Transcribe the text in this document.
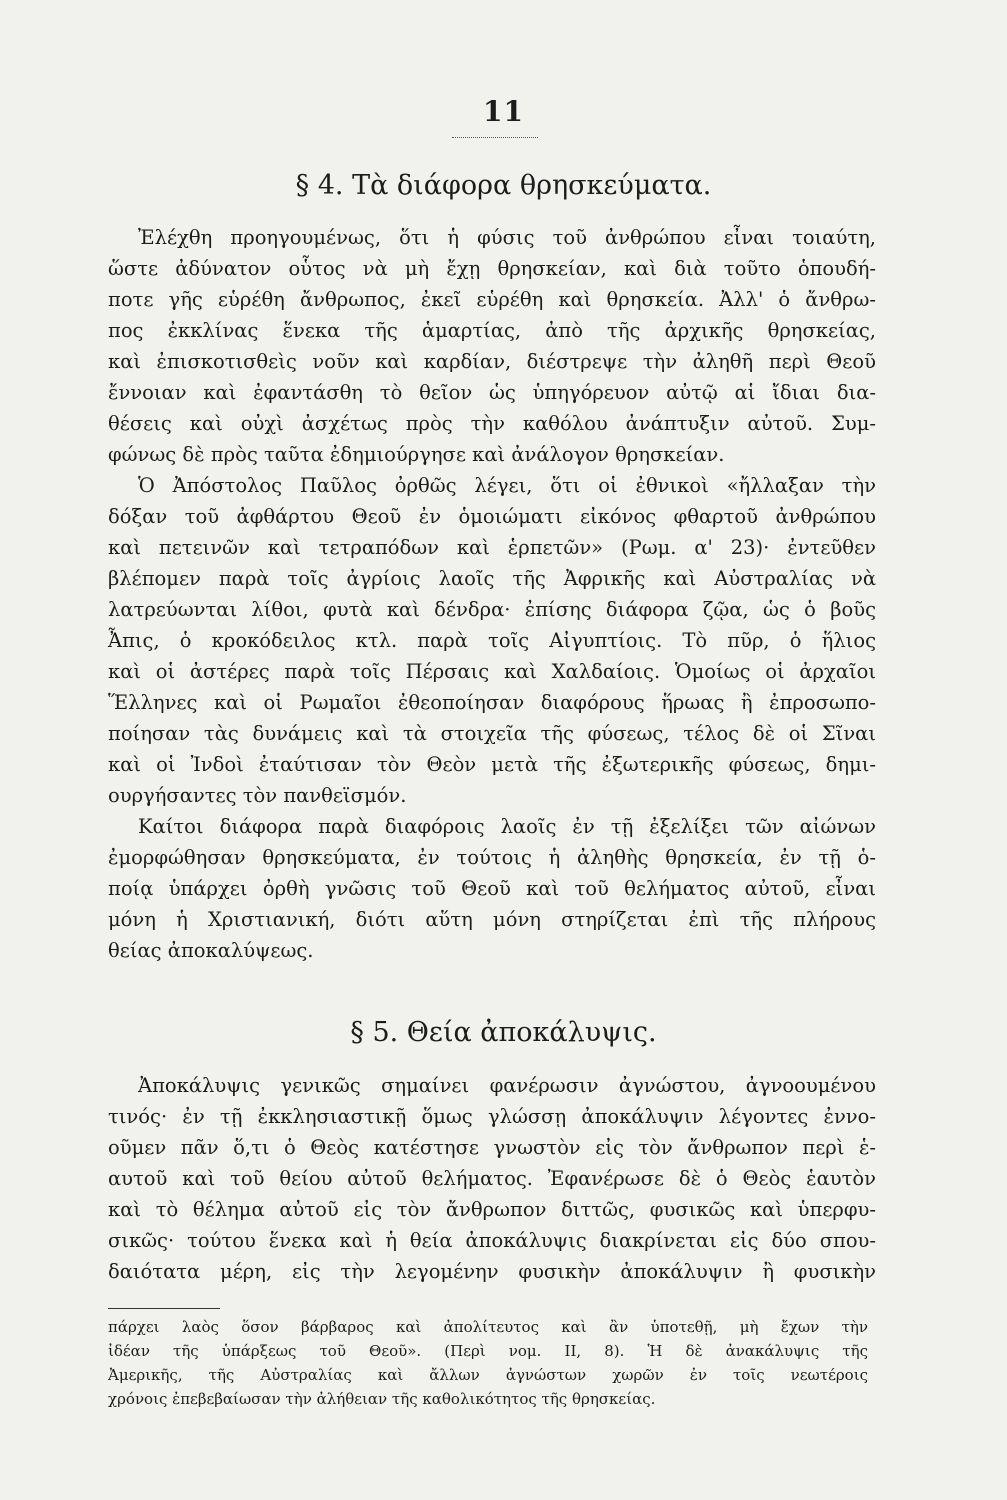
11
§ 4. Τὰ διάφορα θρησκεύματα.
Ἐλέχθη προηγουμένως, ὅτι ἡ φύσις τοῦ ἀνθρώπου εἶναι τοιαύτη,
ὥστε ἀδύνατον οὗτος νὰ μὴ ἔχῃ θρησκείαν, καὶ διὰ τοῦτο ὁπουδή-
ποτε γῆς εὑρέθη ἄνθρωπος, ἐκεῖ εὑρέθη καὶ θρησκεία. Ἀλλ' ὁ ἄνθρω-
πος ἐκκλίνας ἕνεκα τῆς ἁμαρτίας, ἀπὸ τῆς ἀρχικῆς θρησκείας,
καὶ ἐπισκοτισθεὶς νοῦν καὶ καρδίαν, διέστρεψε τὴν ἀληθῆ περὶ Θεοῦ
ἔννοιαν καὶ ἐφαντάσθη τὸ θεῖον ὡς ὑπηγόρευον αὐτῷ αἱ ἴδιαι δια-
θέσεις καὶ οὐχὶ ἀσχέτως πρὸς τὴν καθόλου ἀνάπτυξιν αὐτοῦ. Συμ-
φώνως δὲ πρὸς ταῦτα ἐδημιούργησε καὶ ἀνάλογον θρησκείαν.
Ὁ Ἀπόστολος Παῦλος ὀρθῶς λέγει, ὅτι οἱ ἐθνικοὶ «ἤλλαξαν τὴν
δόξαν τοῦ ἀφθάρτου Θεοῦ ἐν ὁμοιώματι εἰκόνος φθαρτοῦ ἀνθρώπου
καὶ πετεινῶν καὶ τετραπόδων καὶ ἑρπετῶν» (Ρωμ. α' 23)· ἐντεῦθεν
βλέπομεν παρὰ τοῖς ἀγρίοις λαοῖς τῆς Ἀφρικῆς καὶ Αὐστραλίας νὰ
λατρεύωνται λίθοι, φυτὰ καὶ δένδρα· ἐπίσης διάφορα ζῷα, ὡς ὁ βοῦς
Ἆπις, ὁ κροκόδειλος κτλ. παρὰ τοῖς Αἰγυπτίοις. Τὸ πῦρ, ὁ ἥλιος
καὶ οἱ ἀστέρες παρὰ τοῖς Πέρσαις καὶ Χαλδαίοις. Ὁμοίως οἱ ἀρχαῖοι
Ἕλληνες καὶ οἱ Ρωμαῖοι ἐθεοποίησαν διαφόρους ἥρωας ἢ ἐπροσωπο-
ποίησαν τὰς δυνάμεις καὶ τὰ στοιχεῖα τῆς φύσεως, τέλος δὲ οἱ Σῖναι
καὶ οἱ Ἰνδοὶ ἐταύτισαν τὸν Θεὸν μετὰ τῆς ἐξωτερικῆς φύσεως, δημι-
ουργήσαντες τὸν πανθεϊσμόν.
Καίτοι διάφορα παρὰ διαφόροις λαοῖς ἐν τῇ ἐξελίξει τῶν αἰώνων
ἐμορφώθησαν θρησκεύματα, ἐν τούτοις ἡ ἀληθὴς θρησκεία, ἐν τῇ ὁ-
ποίᾳ ὑπάρχει ὀρθὴ γνῶσις τοῦ Θεοῦ καὶ τοῦ θελήματος αὐτοῦ, εἶναι
μόνη ἡ Χριστιανική, διότι αὕτη μόνη στηρίζεται ἐπὶ τῆς πλήρους
θείας ἀποκαλύψεως.
§ 5. Θεία ἀποκάλυψις.
Ἀποκάλυψις γενικῶς σημαίνει φανέρωσιν ἀγνώστου, ἀγνοουμένου
τινός· ἐν τῇ ἐκκλησιαστικῇ ὅμως γλώσσῃ ἀποκάλυψιν λέγοντες ἐννο-
οῦμεν πᾶν ὅ,τι ὁ Θεὸς κατέστησε γνωστὸν εἰς τὸν ἄνθρωπον περὶ ἑ-
αυτοῦ καὶ τοῦ θείου αὐτοῦ θελήματος. Ἐφανέρωσε δὲ ὁ Θεὸς ἑαυτὸν
καὶ τὸ θέλημα αὐτοῦ εἰς τὸν ἄνθρωπον διττῶς, φυσικῶς καὶ ὑπερφυ-
σικῶς· τούτου ἕνεκα καὶ ἡ θεία ἀποκάλυψις διακρίνεται εἰς δύο σπου-
δαιότατα μέρη, εἰς τὴν λεγομένην φυσικὴν ἀποκάλυψιν ἢ φυσικὴν
πάρχει λαὸς ὅσον βάρβαρος καὶ ἀπολίτευτος καὶ ἂν ὑποτεθῇ, μὴ ἔχων τὴν
ἰδέαν τῆς ὑπάρξεως τοῦ Θεοῦ». (Περὶ νομ. II, 8). Ἡ δὲ ἀνακάλυψις τῆς
Ἀμερικῆς, τῆς Αὐστραλίας καὶ ἄλλων ἀγνώστων χωρῶν ἐν τοῖς νεωτέροις
χρόνοις ἐπεβεβαίωσαν τὴν ἀλήθειαν τῆς καθολικότητος τῆς θρησκείας.
